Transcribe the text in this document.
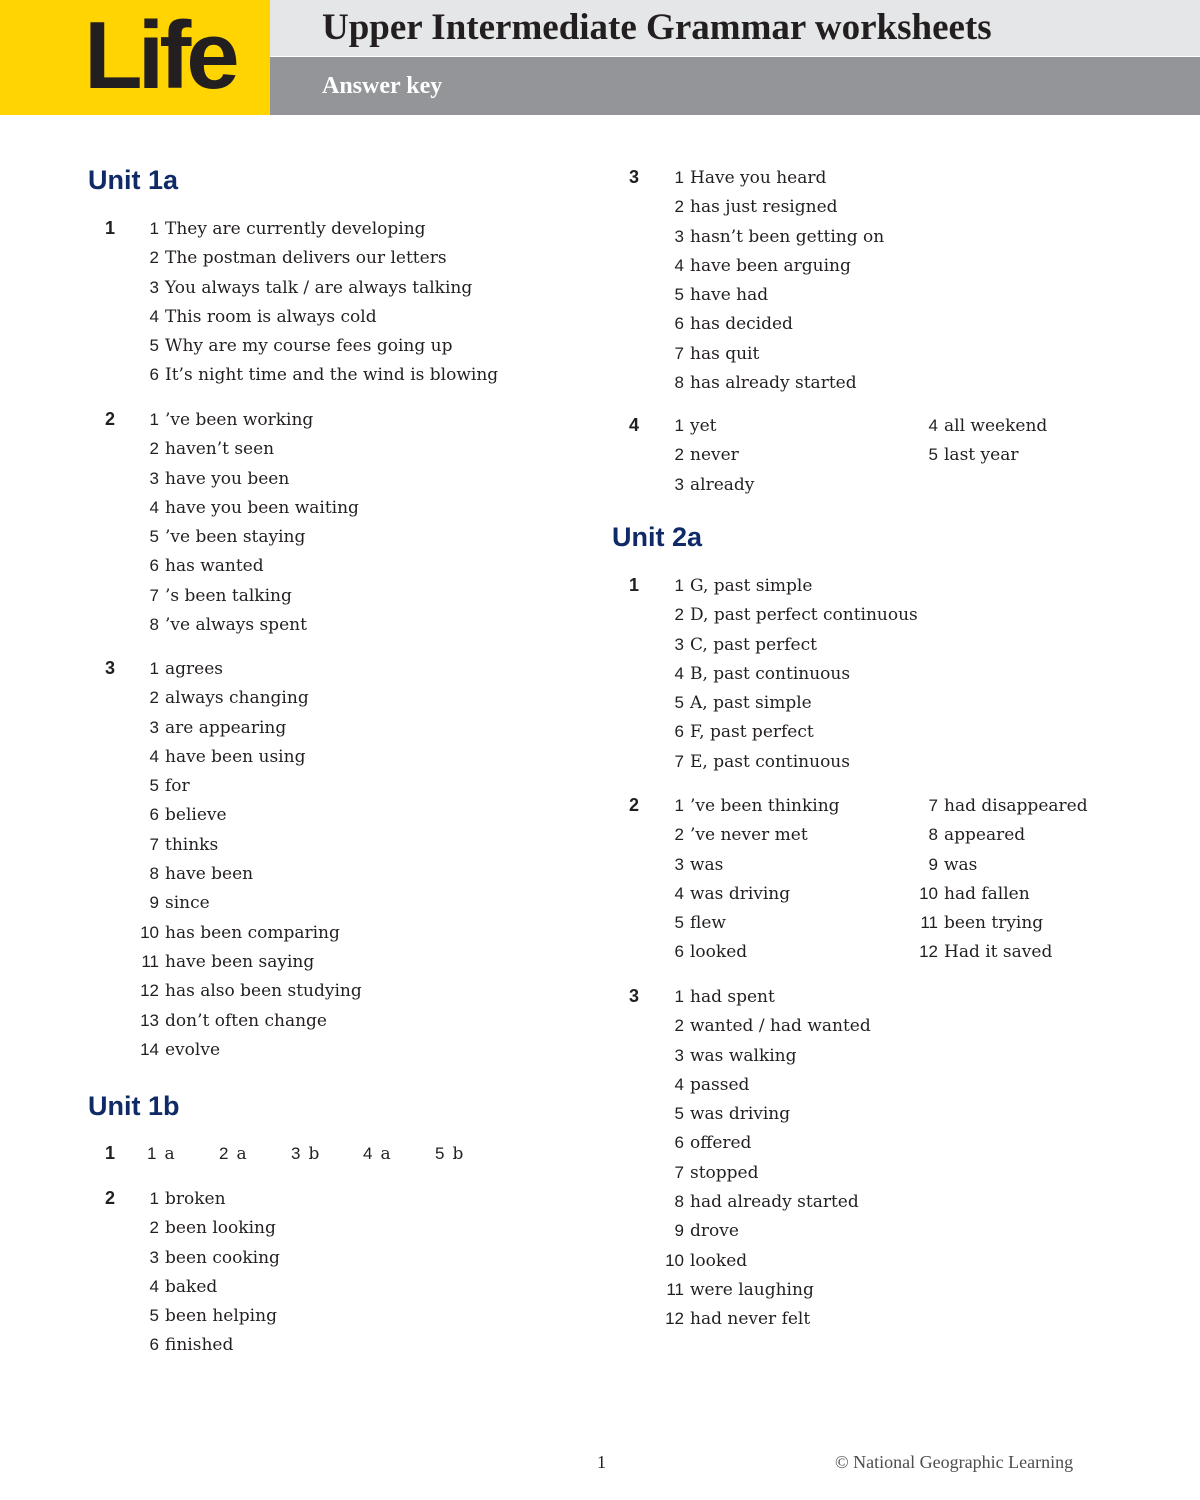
Life Upper Intermediate Grammar worksheets
Answer key
Unit 1a
1	1 They are currently developing
2 The postman delivers our letters
3 You always talk / are always talking
4 This room is always cold
5 Why are my course fees going up
6 It’s night time and the wind is blowing
2	1 ’ve been working
2 haven’t seen
3 have you been
4 have you been waiting
5 ’ve been staying
6 has wanted
7 ’s been talking
8 ’ve always spent
3	1 agrees
2 always changing
3 are appearing
4 have been using
5 for
6 believe
7 thinks
8 have been
9 since
10 has been comparing
11 have been saying
12 has also been studying
13 don’t often change
14 evolve
Unit 1b
1 1 a	2 a	3 b	4 a	5 b
2	1 broken
2 been looking
3 been cooking
4 baked
5 been helping
6 finished
3	1 Have you heard
2 has just resigned
3 hasn’t been getting on
4 have been arguing
5 have had
6 has decided
7 has quit
8 has already started
4	1 yet
2 never
3 already
4 all weekend
5 last year
Unit 2a
1	1 G, past simple
2 D, past perfect continuous
3 C, past perfect
4 B, past continuous
5 A, past simple
6 F, past perfect
7 E, past continuous
2	1 ’ve been thinking
2 ’ve never met
3 was
4 was driving
5 flew
6 looked
7 had disappeared
8 appeared
9 was
10 had fallen
11 been trying
12 Had it saved
3	1 had spent
2 wanted / had wanted
3 was walking
4 passed
5 was driving
6 offered
7 stopped
8 had already started
9 drove
10 looked
11 were laughing
12 had never felt
1	© National Geographic Learning
